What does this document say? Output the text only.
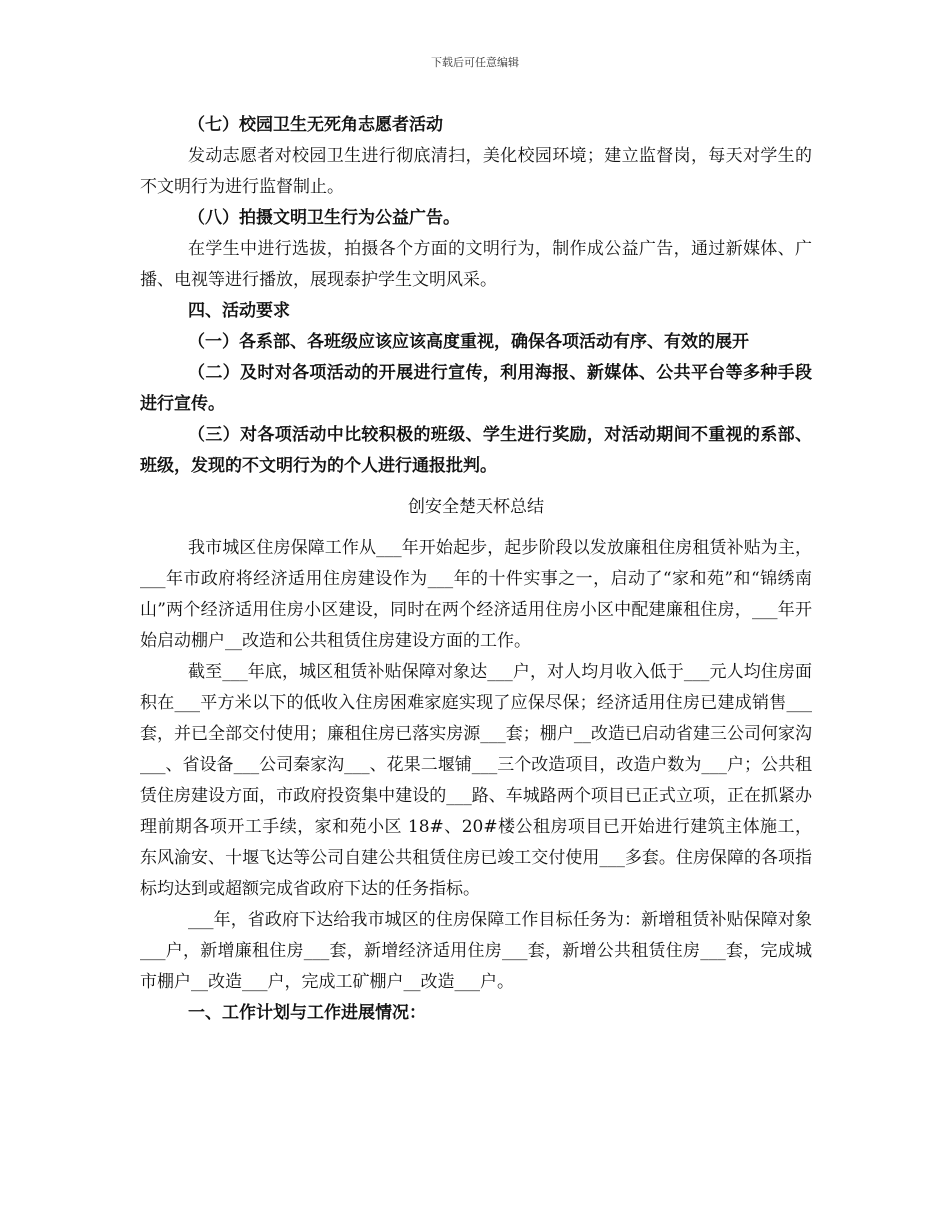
下载后可任意编辑

（七）校园卫生无死角志愿者活动

发动志愿者对校园卫生进行彻底清扫，美化校园环境；建立监督岗，每天对学生的不文明行为进行监督制止。

（八）拍摄文明卫生行为公益广告。

在学生中进行选拔，拍摄各个方面的文明行为，制作成公益广告，通过新媒体、广播、电视等进行播放，展现泰护学生文明风采。

四、活动要求

（一）各系部、各班级应该应该高度重视，确保各项活动有序、有效的展开

（二）及时对各项活动的开展进行宣传，利用海报、新媒体、公共平台等多种手段进行宣传。

（三）对各项活动中比较积极的班级、学生进行奖励，对活动期间不重视的系部、班级，发现的不文明行为的个人进行通报批判。

创安全楚天杯总结

我市城区住房保障工作从___年开始起步，起步阶段以发放廉租住房租赁补贴为主，___年市政府将经济适用住房建设作为___年的十件实事之一，启动了“家和苑”和“锦绣南山”两个经济适用住房小区建设，同时在两个经济适用住房小区中配建廉租住房，___年开始启动棚户__改造和公共租赁住房建设方面的工作。

截至___年底，城区租赁补贴保障对象达___户，对人均月收入低于___元人均住房面积在___平方米以下的低收入住房困难家庭实现了应保尽保；经济适用住房已建成销售___套，并已全部交付使用；廉租住房已落实房源___套；棚户__改造已启动省建三公司何家沟___、省设备___公司秦家沟___、花果二堰铺___三个改造项目，改造户数为___户；公共租赁住房建设方面，市政府投资集中建设的___路、车城路两个项目已正式立项，正在抓紧办理前期各项开工手续，家和苑小区 18#、20#楼公租房项目已开始进行建筑主体施工，东风渝安、十堰飞达等公司自建公共租赁住房已竣工交付使用___多套。住房保障的各项指标均达到或超额完成省政府下达的任务指标。

___年，省政府下达给我市城区的住房保障工作目标任务为：新增租赁补贴保障对象___户，新增廉租住房___套，新增经济适用住房___套，新增公共租赁住房___套，完成城市棚户__改造___户，完成工矿棚户__改造___户。

一、工作计划与工作进展情况：
